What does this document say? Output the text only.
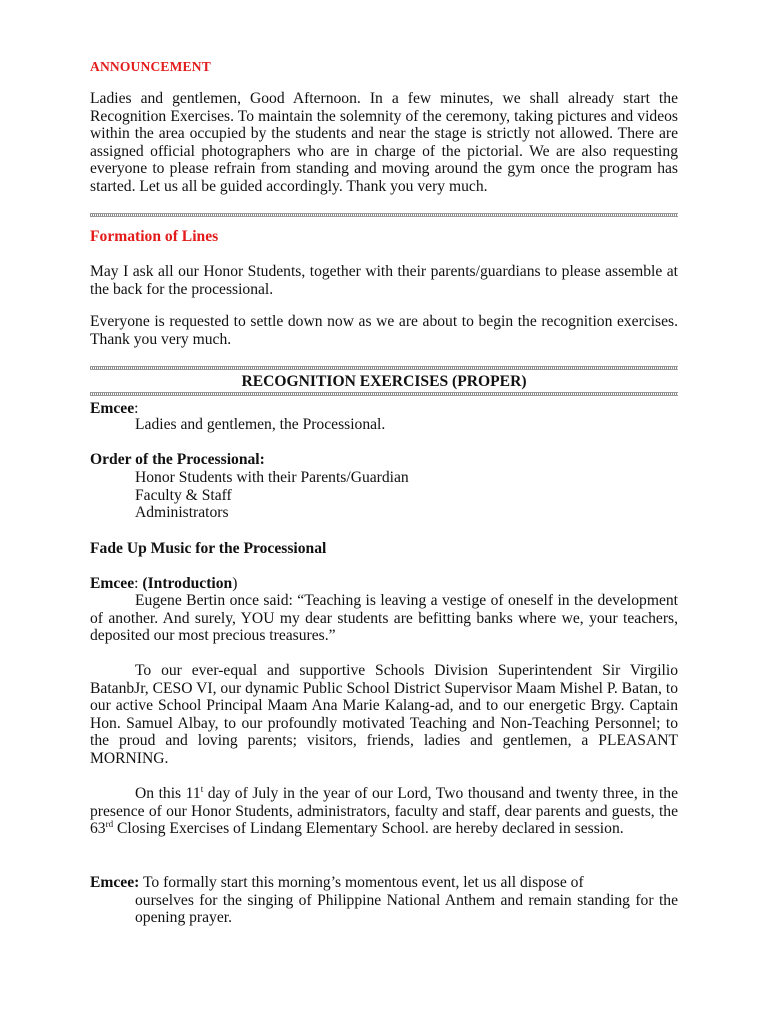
ANNOUNCEMENT
Ladies and gentlemen, Good Afternoon. In a few minutes, we shall already start the Recognition Exercises. To maintain the solemnity of the ceremony, taking pictures and videos within the area occupied by the students and near the stage is strictly not allowed. There are assigned official photographers who are in charge of the pictorial. We are also requesting everyone to please refrain from standing and moving around the gym once the program has started. Let us all be guided accordingly. Thank you very much.
Formation of Lines
May I ask all our Honor Students, together with their parents/guardians to please assemble at the back for the processional.
Everyone is requested to settle down now as we are about to begin the recognition exercises. Thank you very much.
RECOGNITION EXERCISES (PROPER)
Emcee:
Ladies and gentlemen, the Processional.
Order of the Processional:
Honor Students with their Parents/Guardian
Faculty & Staff
Administrators
Fade Up Music for the Processional
Emcee: (Introduction)
Eugene Bertin once said: “Teaching is leaving a vestige of oneself in the development of another. And surely, YOU my dear students are befitting banks where we, your teachers, deposited our most precious treasures.”
To our ever-equal and supportive Schools Division Superintendent Sir Virgilio BatanbJr, CESO VI, our dynamic Public School District Supervisor Maam Mishel P. Batan, to our active School Principal Maam Ana Marie Kalang-ad, and to our energetic Brgy. Captain Hon. Samuel Albay, to our profoundly motivated Teaching and Non-Teaching Personnel; to the proud and loving parents; visitors, friends, ladies and gentlemen, a PLEASANT MORNING.
On this 11$^t$ day of July in the year of our Lord, Two thousand and twenty three, in the presence of our Honor Students, administrators, faculty and staff, dear parents and guests, the 63rd Closing Exercises of Lindang Elementary School. are hereby declared in session.
Emcee: To formally start this morning’s momentous event, let us all dispose of
ourselves for the singing of Philippine National Anthem and remain standing for the opening prayer.
